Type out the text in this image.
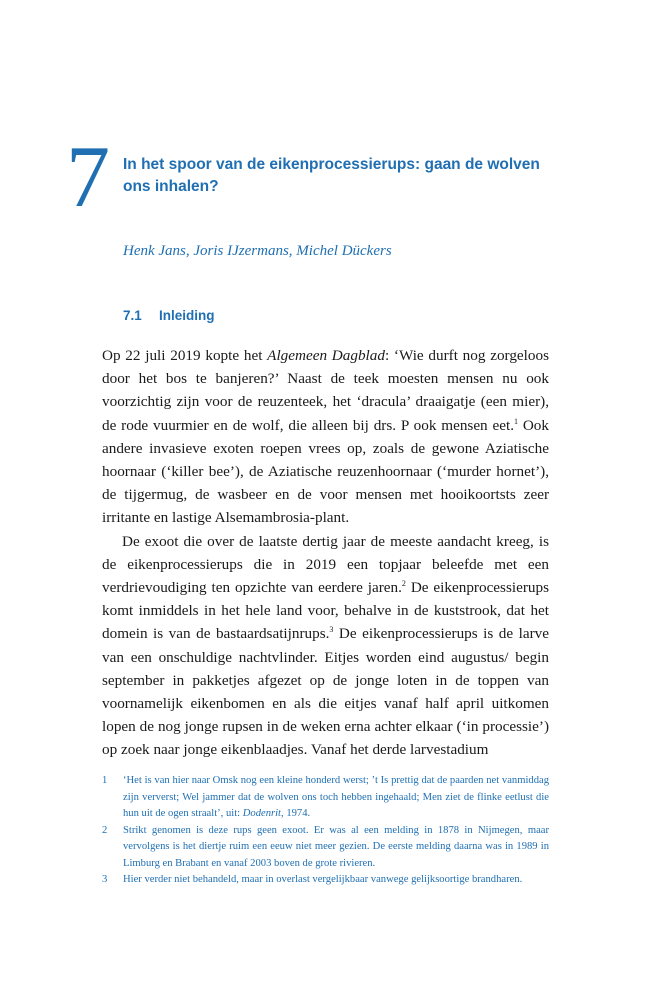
7 In het spoor van de eikenprocessierups: gaan de wolven ons inhalen?
Henk Jans, Joris IJzermans, Michel Dückers
7.1	Inleiding

Op 22 juli 2019 kopte het Algemeen Dagblad: ‘Wie durft nog zorgeloos door het bos te banjeren?’ Naast de teek moesten mensen nu ook voorzichtig zijn voor de reuzenteek, het ‘dracula’ draaigatje (een mier), de rode vuurmier en de wolf, die alleen bij drs. P ook mensen eet.$^1$ Ook andere invasieve exoten roepen vrees op, zoals de gewone Aziatische hoornaar (‘killer bee’), de Aziatische reuzenhoornaar (‘murder hornet’), de tijgermug, de wasbeer en de voor mensen met hooikoortsts zeer irritante en lastige Alsemambrosia-plant.

De exoot die over de laatste dertig jaar de meeste aandacht kreeg, is de eikenprocessierups die in 2019 een topjaar beleefde met een verdrievoudiging ten opzichte van eerdere jaren.$^2$ De eikenprocessierups komt inmiddels in het hele land voor, behalve in de kuststrook, dat het domein is van de bastaardsatijnrups.$^3$ De eikenprocessierups is de larve van een onschuldige nachtvlinder. Eitjes worden eind augustus/ begin september in pakketjes afgezet op de jonge loten in de toppen van voornamelijk eikenbomen en als die eitjes vanaf half april uitkomen lopen de nog jonge rupsen in de weken erna achter elkaar (‘in processie’) op zoek naar jonge eikenblaadjes. Vanaf het derde larvestadium

1	‘Het is van hier naar Omsk nog een kleine honderd werst; ’t Is prettig dat de paarden net vanmiddag zijn ververst; Wel jammer dat de wolven ons toch hebben ingehaald; Men ziet de flinke eetlust die hun uit de ogen straalt’, uit: Dodenrit, 1974.
2	Strikt genomen is deze rups geen exoot. Er was al een melding in 1878 in Nijmegen, maar vervolgens is het diertje ruim een eeuw niet meer gezien. De eerste melding daarna was in 1989 in Limburg en Brabant en vanaf 2003 boven de grote rivieren.
3	Hier verder niet behandeld, maar in overlast vergelijkbaar vanwege gelijksoortige brandharen.
